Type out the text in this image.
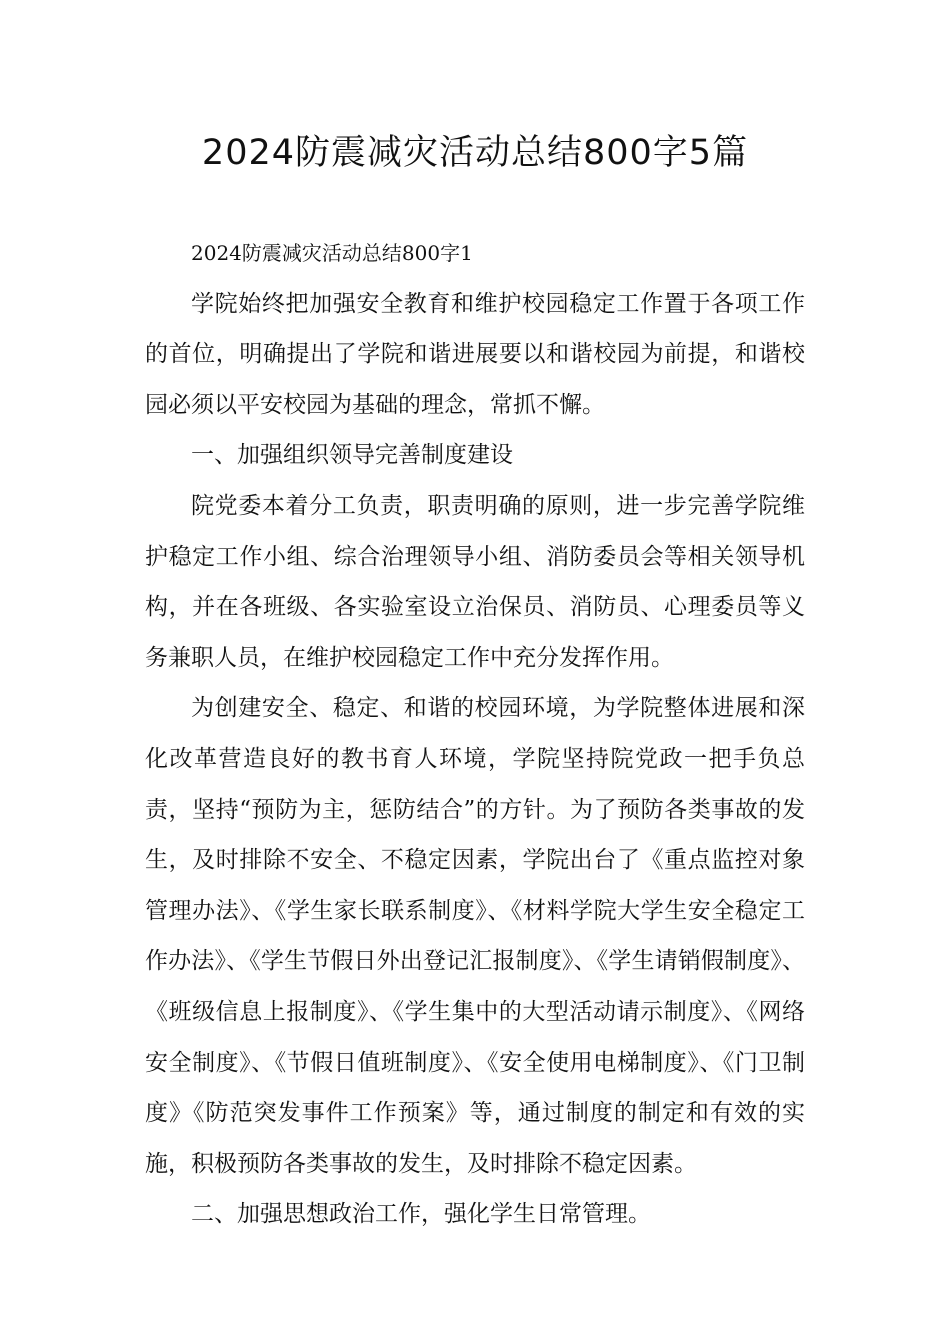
2024防震减灾活动总结800字5篇

2024防震减灾活动总结800字1

学院始终把加强安全教育和维护校园稳定工作置于各项工作的首位，明确提出了学院和谐进展要以和谐校园为前提，和谐校园必须以平安校园为基础的理念，常抓不懈。

一、加强组织领导完善制度建设

院党委本着分工负责，职责明确的原则，进一步完善学院维护稳定工作小组、综合治理领导小组、消防委员会等相关领导机构，并在各班级、各实验室设立治保员、消防员、心理委员等义务兼职人员，在维护校园稳定工作中充分发挥作用。

为创建安全、稳定、和谐的校园环境，为学院整体进展和深化改革营造良好的教书育人环境，学院坚持院党政一把手负总责，坚持“预防为主，惩防结合”的方针。为了预防各类事故的发生，及时排除不安全、不稳定因素，学院出台了《重点监控对象管理办法》、《学生家长联系制度》、《材料学院大学生安全稳定工作办法》、《学生节假日外出登记汇报制度》、《学生请销假制度》、《班级信息上报制度》、《学生集中的大型活动请示制度》、《网络安全制度》、《节假日值班制度》、《安全使用电梯制度》、《门卫制度》《防范突发事件工作预案》等，通过制度的制定和有效的实施，积极预防各类事故的发生，及时排除不稳定因素。

二、加强思想政治工作，强化学生日常管理。
